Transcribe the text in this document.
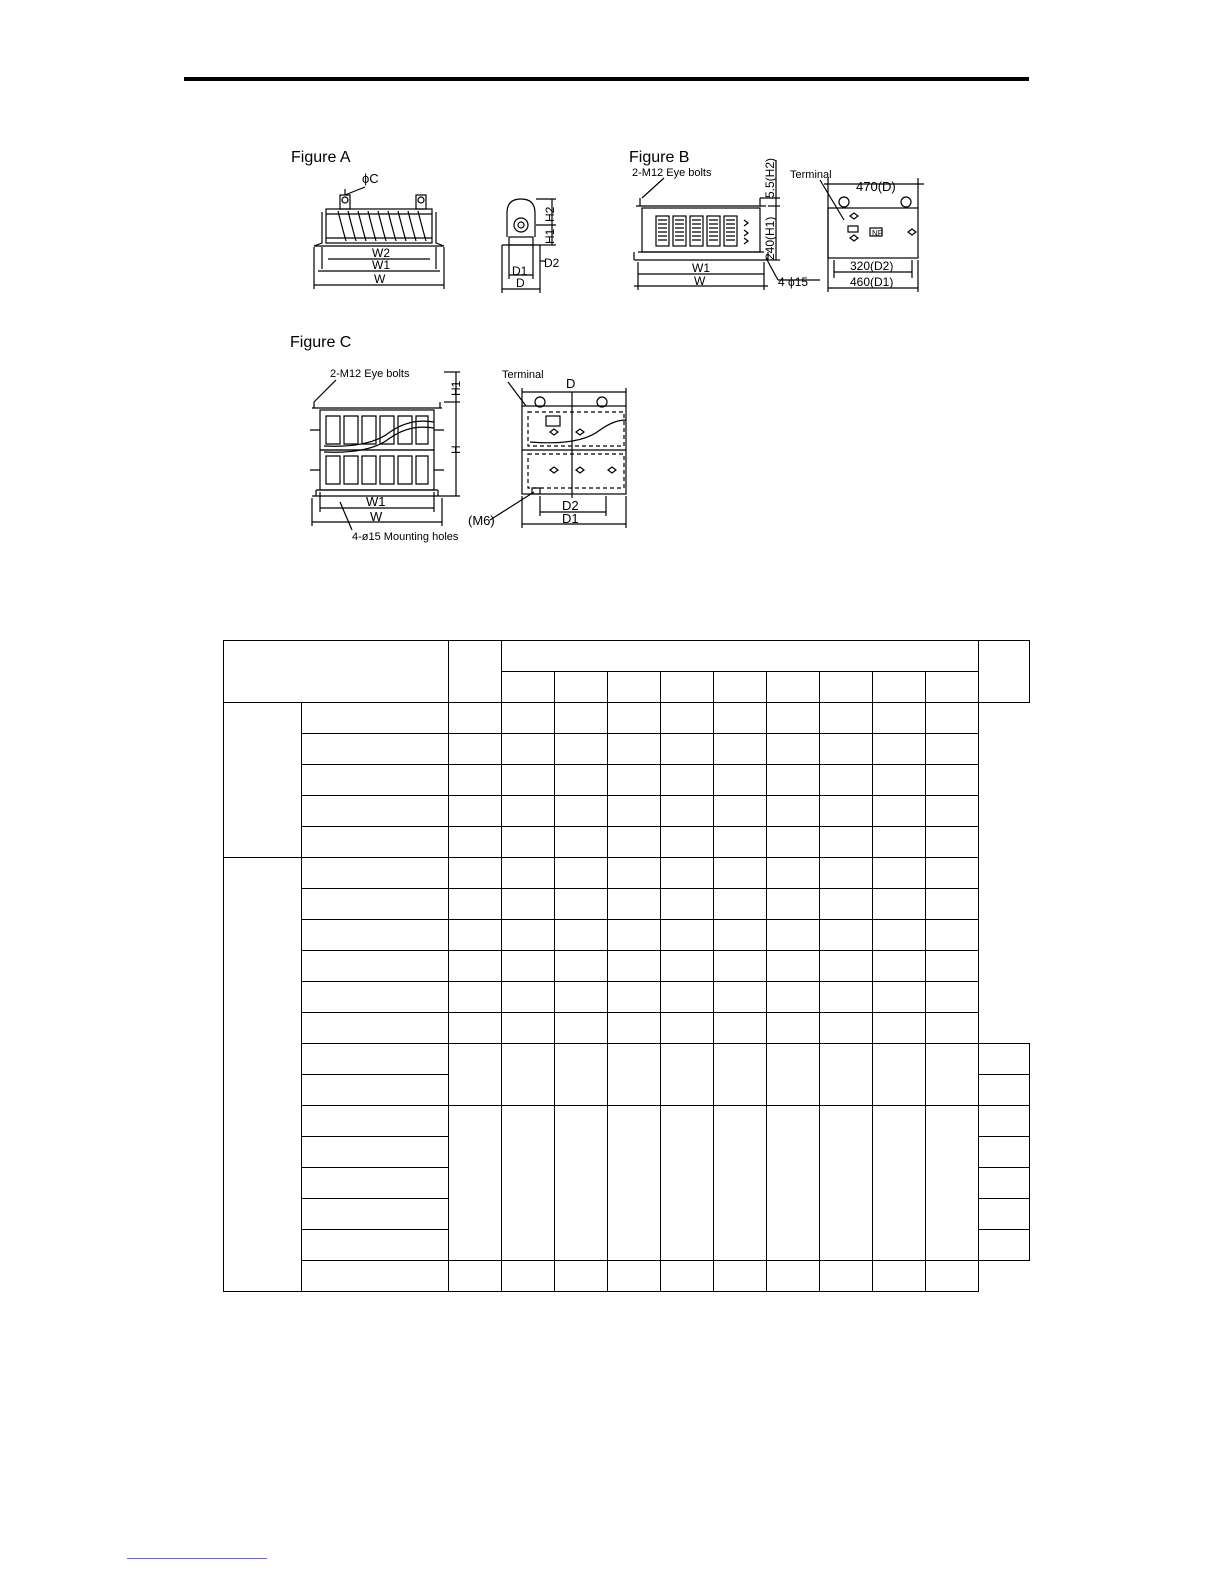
Figure A
ϕC
W2
W1
W
H2
H1
D2
D1
D
Figure B
2-M12 Eye bolts	5.5(H2)
240(H1)
Terminal
470(D)
NP
W1
W	4 ϕ15
320(D2)
460(D1)
Figure C
2-M12 Eye bolts
H1
H
Terminal
D
W1
W	(M6)
4-ø15 Mounting holes
D2
D1
